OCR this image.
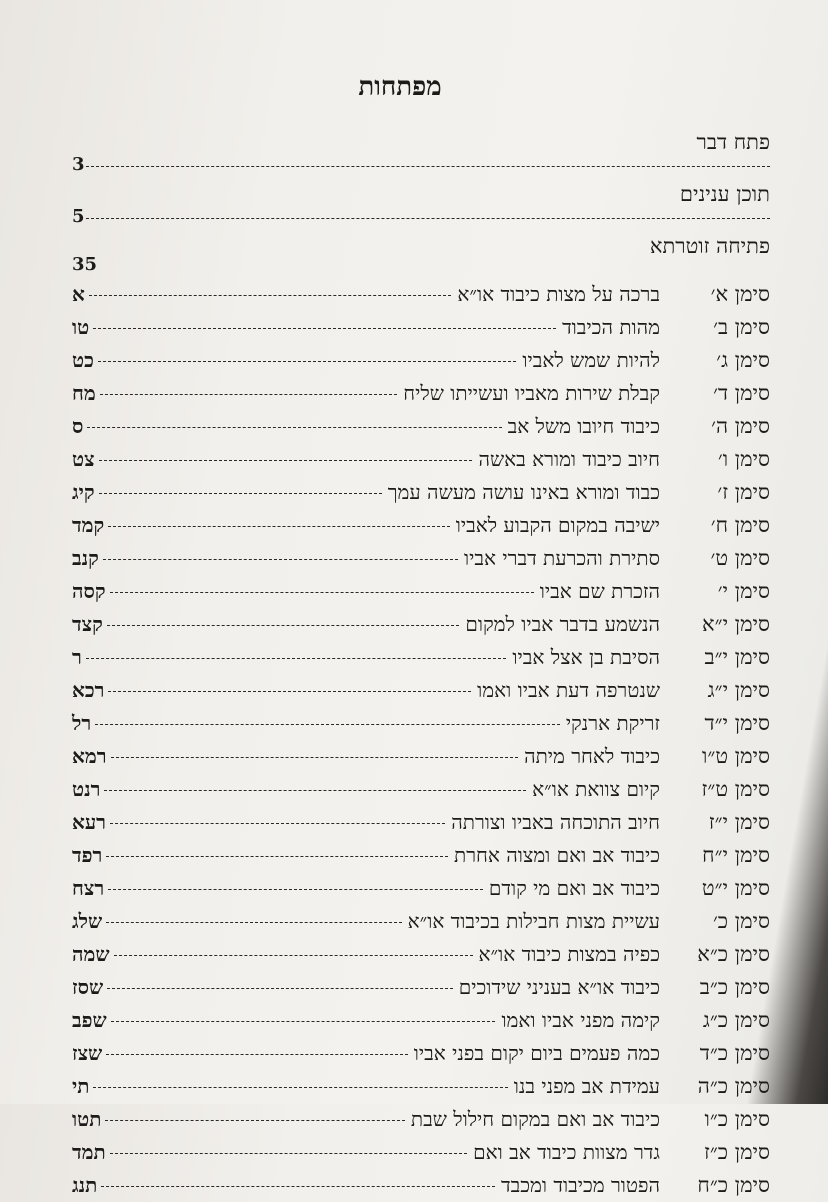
מפתחות
פתח דבר
3
תוכן ענינים
5
פתיחה זוטרתא
35
סימן א׳
ברכה על מצות כיבוד או״א
א
סימן ב׳
מהות הכיבוד
טו
סימן ג׳
להיות שמש לאביו
כט
סימן ד׳
קבלת שירות מאביו ועשייתו שליח
מח
סימן ה׳
כיבוד חיובו משל אב
ס
סימן ו׳
חיוב כיבוד ומורא באשה
צט
סימן ז׳
כבוד ומורא באינו עושה מעשה עמך
קיג
סימן ח׳
ישיבה במקום הקבוע לאביו
קמד
סימן ט׳
סתירת והכרעת דברי אביו
קנב
סימן י׳
הזכרת שם אביו
קסה
סימן י״א
הנשמע בדבר אביו למקום
קצד
סימן י״ב
הסיבת בן אצל אביו
ר
סימן י״ג
שנטרפה דעת אביו ואמו
רכא
סימן י״ד
זריקת ארנקי
רל
סימן ט״ו
כיבוד לאחר מיתה
רמא
סימן ט״ז
קיום צוואת או״א
רנט
סימן י״ז
חיוב התוכחה באביו וצורתה
רעא
סימן י״ח
כיבוד אב ואם ומצוה אחרת
רפד
סימן י״ט
כיבוד אב ואם מי קודם
רצח
סימן כ׳
עשיית מצות חבילות בכיבוד או״א
שלג
סימן כ״א
כפיה במצות כיבוד או״א
שמה
סימן כ״ב
כיבוד או״א בעניני שידוכים
שסז
סימן כ״ג
קימה מפני אביו ואמו
שפב
סימן כ״ד
כמה פעמים ביום יקום בפני אביו
שצז
סימן כ״ה
עמידת אב מפני בנו
תי
סימן כ״ו
כיבוד אב ואם במקום חילול שבת
תטו
סימן כ״ז
גדר מצוות כיבוד אב ואם
תמד
סימן כ״ח
הפטור מכיבוד ומכבד
תנג
